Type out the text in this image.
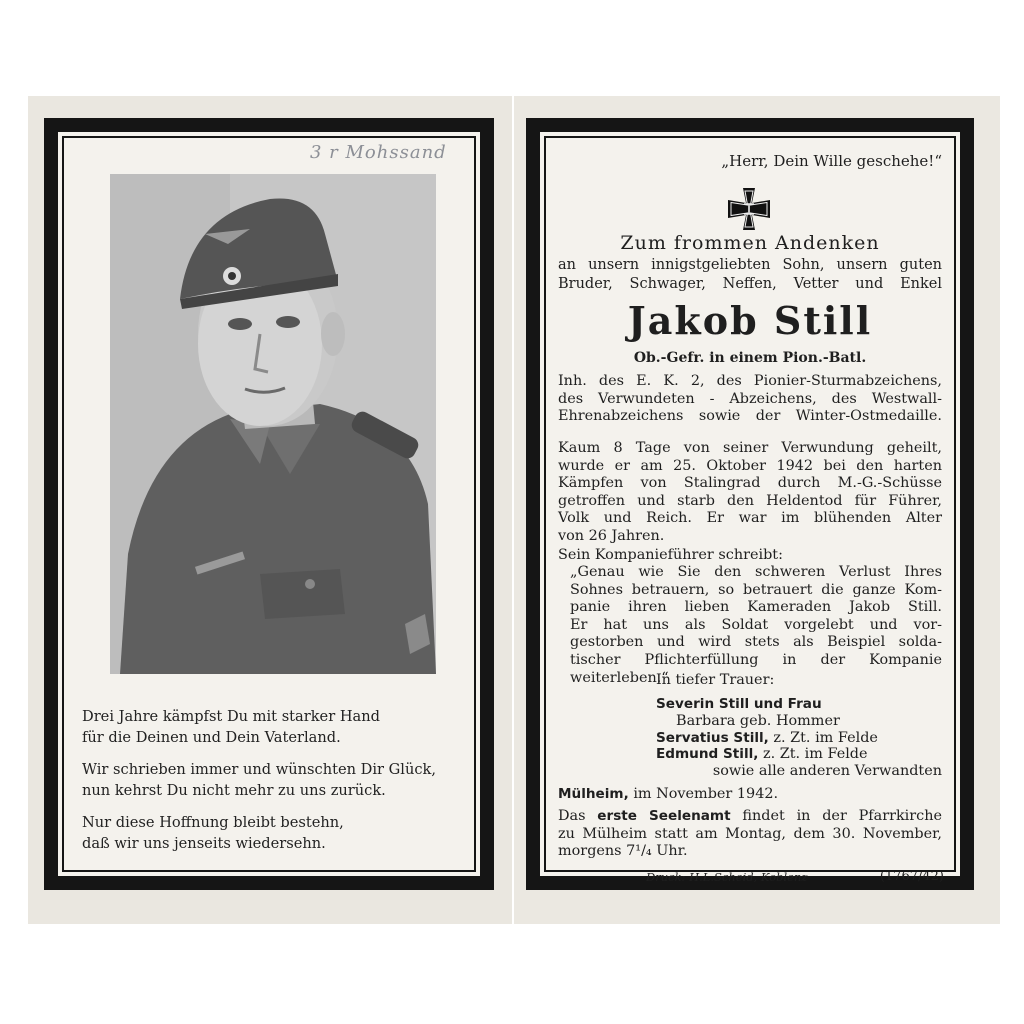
3 r Mohssand

Drei Jahre kämpfst Du mit starker Hand
für die Deinen und Dein Vaterland.

Wir schrieben immer und wünschten Dir Glück,
nun kehrst Du nicht mehr zu uns zurück.

Nur diese Hoffnung bleibt bestehn,
daß wir uns jenseits wiedersehn.

„Herr, Dein Wille geschehe!“
Zum frommen Andenken
an unsern innigstgeliebten Sohn, unsern guten
Bruder, Schwager, Neffen, Vetter und Enkel
Jakob Still
Ob.-Gefr. in einem Pion.-Batl.
Inh. des E. K. 2, des Pionier-Sturmabzeichens,
des Verwundeten - Abzeichens, des Westwall-
Ehrenabzeichens sowie der Winter-Ostmedaille.
Kaum 8 Tage von seiner Verwundung geheilt,
wurde er am 25. Oktober 1942 bei den harten
Kämpfen von Stalingrad durch M.-G.-Schüsse
getroffen und starb den Heldentod für Führer,
Volk und Reich. Er war im blühenden Alter
von 26 Jahren.
Sein Kompanieführer schreibt:
„Genau wie Sie den schweren Verlust Ihres
Sohnes betrauern, so betrauert die ganze Kom-
panie ihren lieben Kameraden Jakob Still.
Er hat uns als Soldat vorgelebt und vor-
gestorben und wird stets als Beispiel solda-
tischer Pflichterfüllung in der Kompanie
weiterleben.“
In tiefer Trauer:
Severin Still und Frau
Barbara geb. Hommer
Servatius Still, z. Zt. im Felde
Edmund Still, z. Zt. im Felde
sowie alle anderen Verwandten
Mülheim, im November 1942.
Das erste Seelenamt findet in der Pfarrkirche
zu Mülheim statt am Montag, dem 30. November,
morgens 7¹/₄ Uhr.
Druck: H.L.Scheid, Koblenz	(1767/42)
